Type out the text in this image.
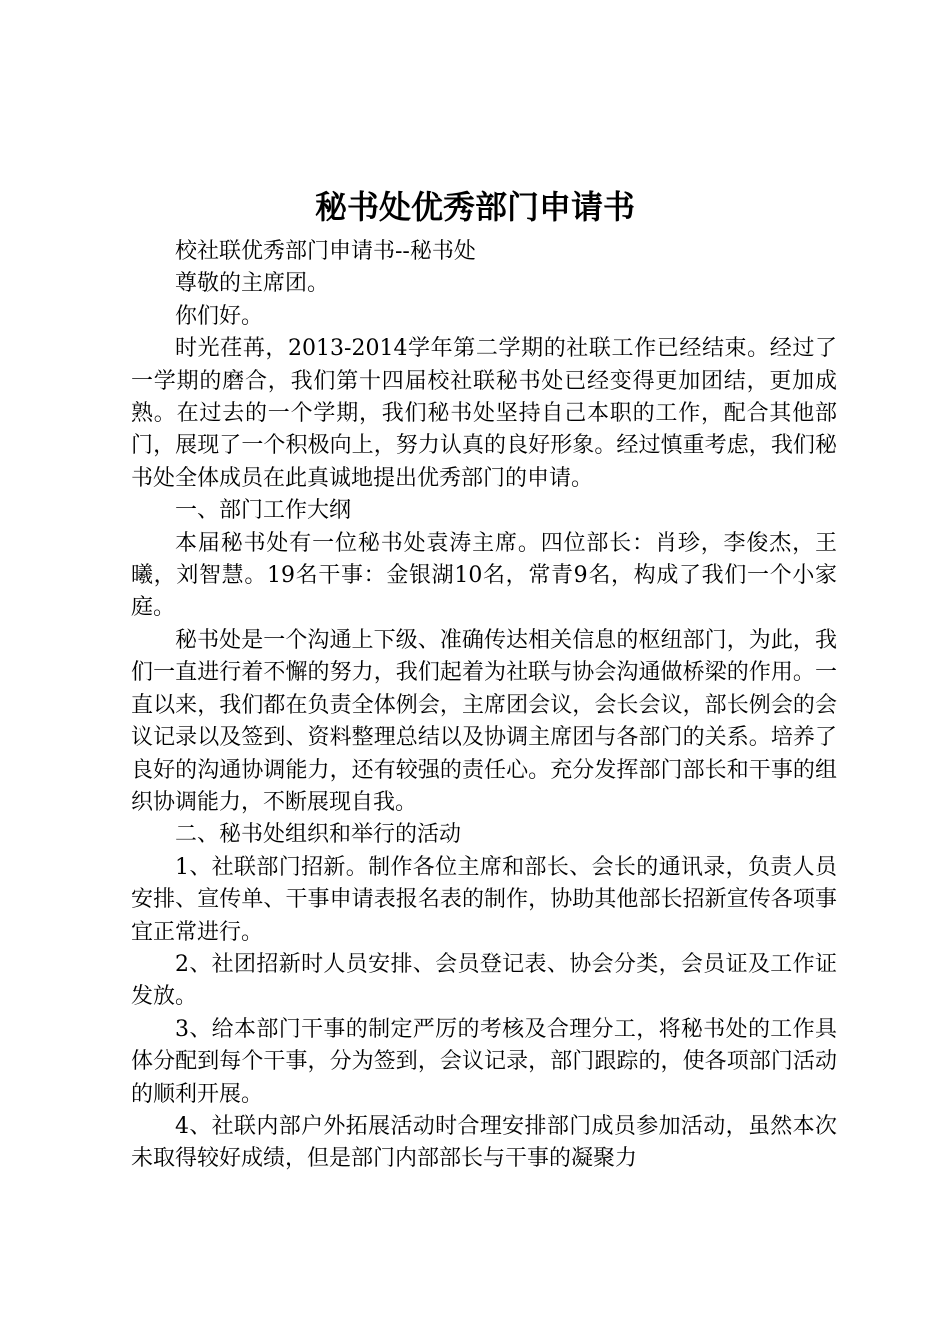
秘书处优秀部门申请书

校社联优秀部门申请书--秘书处

尊敬的主席团。

你们好。

时光荏苒，2013-2014学年第二学期的社联工作已经结束。经过了一学期的磨合，我们第十四届校社联秘书处已经变得更加团结，更加成熟。在过去的一个学期，我们秘书处坚持自己本职的工作，配合其他部门，展现了一个积极向上，努力认真的良好形象。经过慎重考虑，我们秘书处全体成员在此真诚地提出优秀部门的申请。

一、部门工作大纲

本届秘书处有一位秘书处袁涛主席。四位部长：肖珍，李俊杰，王曦，刘智慧。19名干事：金银湖10名，常青9名，构成了我们一个小家庭。

秘书处是一个沟通上下级、准确传达相关信息的枢纽部门，为此，我们一直进行着不懈的努力，我们起着为社联与协会沟通做桥梁的作用。一直以来，我们都在负责全体例会，主席团会议，会长会议，部长例会的会议记录以及签到、资料整理总结以及协调主席团与各部门的关系。培养了良好的沟通协调能力，还有较强的责任心。充分发挥部门部长和干事的组织协调能力，不断展现自我。

二、秘书处组织和举行的活动

1、社联部门招新。制作各位主席和部长、会长的通讯录，负责人员安排、宣传单、干事申请表报名表的制作，协助其他部长招新宣传各项事宜正常进行。

2、社团招新时人员安排、会员登记表、协会分类，会员证及工作证发放。

3、给本部门干事的制定严厉的考核及合理分工，将秘书处的工作具体分配到每个干事，分为签到，会议记录，部门跟踪的，使各项部门活动的顺利开展。

4、社联内部户外拓展活动时合理安排部门成员参加活动，虽然本次未取得较好成绩，但是部门内部部长与干事的凝聚力
